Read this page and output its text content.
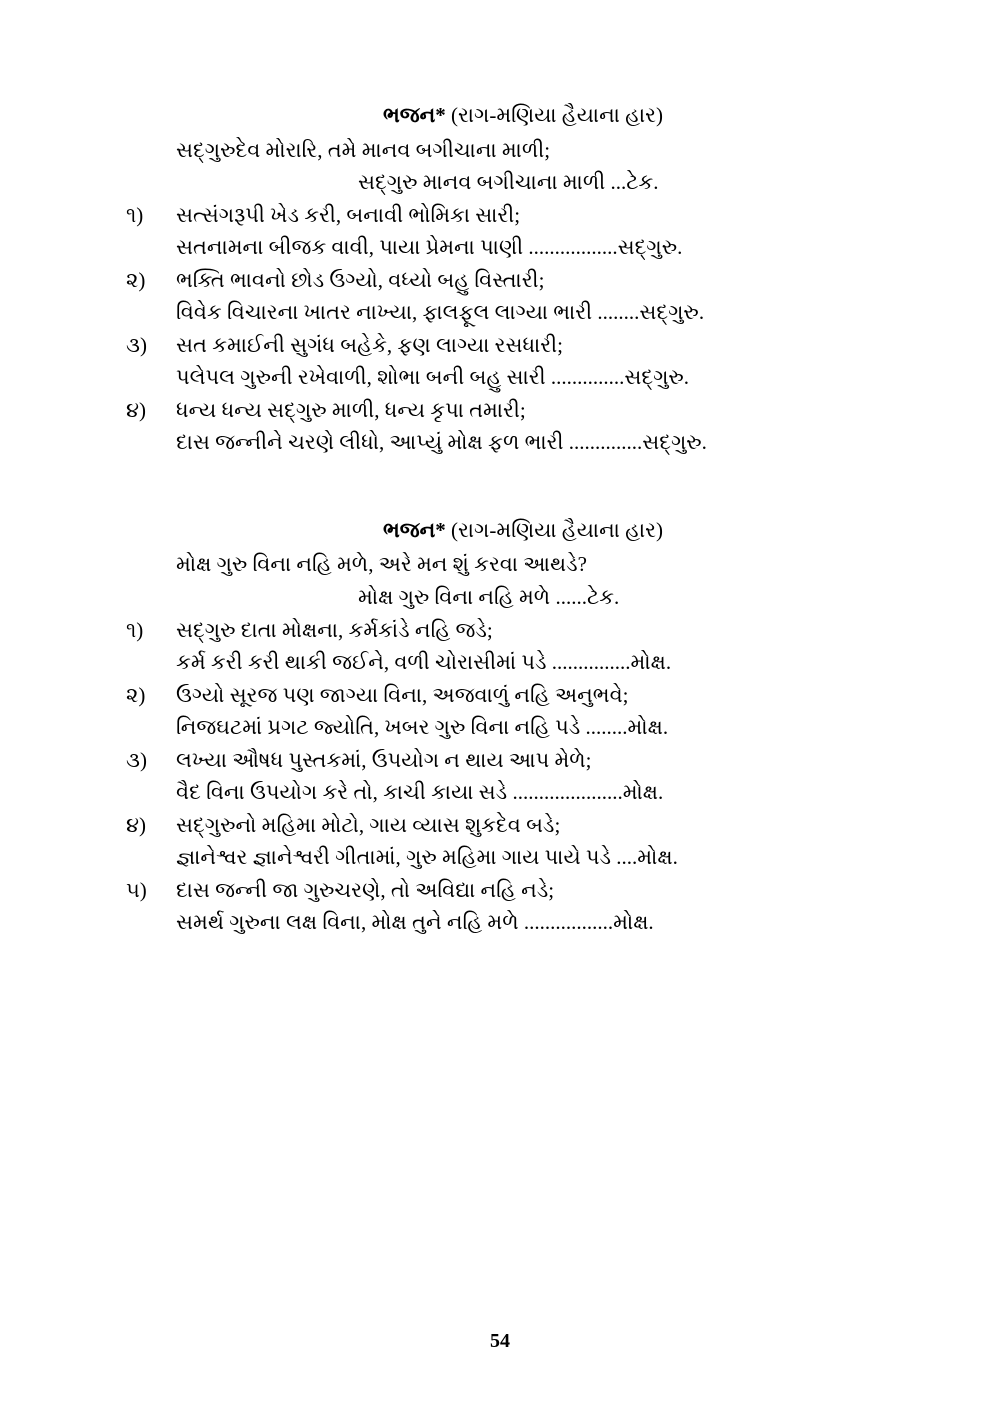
ભજન* (રાગ-મણિયા હૈયાના હાર)

સદ્‌ગુરુદેવ મોરારિ, તમે માનવ બગીચાના માળી;

સદ્‌ગુરુ માનવ બગીચાના માળી ...ટેક.

૧)	સત્સંગરૂપી ખેડ કરી, બનાવી ભોમિકા સારી;
સતનામના બીજક વાવી, પાયા પ્રેમના પાણી .................સદ્‌ગુરુ.
૨)	ભક્તિ ભાવનો છોડ ઉગ્યો, વધ્યો બહુ વિસ્તારી;
વિવેક વિચારના ખાતર નાખ્યા, ફાલફૂલ લાગ્યા ભારી ........સદ્‌ગુરુ.
૩)	સત કમાઈની સુગંધ બહેકે, ફણ લાગ્યા રસધારી;
પલેપલ ગુરુની રખેવાળી, શોભા બની બહુ સારી ..............સદ્‌ગુરુ.
૪)	ધન્ય ધન્ય સદ્‌ગુરુ માળી, ધન્ય કૃપા તમારી;
દાસ જન્નીને ચરણે લીધો, આપ્યું મોક્ષ ફળ ભારી ..............સદ્‌ગુરુ.

ભજન* (રાગ-મણિયા હૈયાના હાર)

મોક્ષ ગુરુ વિના નહિ મળે, અરે મન શું કરવા આથડે?

મોક્ષ ગુરુ વિના નહિ મળે ......ટેક.

૧)	સદ્‌ગુરુ દાતા મોક્ષના, કર્મકાંડે નહિ જડે;
કર્મ કરી કરી થાકી જઈને, વળી ચોરાસીમાં પડે ...............મોક્ષ.
૨)	ઉગ્યો સૂરજ પણ જાગ્યા વિના, અજવાળું નહિ અનુભવે;
નિજઘટમાં પ્રગટ જ્યોતિ, ખબર ગુરુ વિના નહિ પડે ........મોક્ષ.
૩)	લખ્યા ઔષધ પુસ્તકમાં, ઉપયોગ ન થાય આપ મેળે;
વૈદ વિના ઉપયોગ કરે તો, કાચી કાયા સડે .....................મોક્ષ.
૪)	સદ્‌ગુરુનો મહિમા મોટો, ગાય વ્યાસ શુકદેવ બડે;
જ્ઞાનેશ્વર જ્ઞાનેશ્વરી ગીતામાં, ગુરુ મહિમા ગાય પાયે પડે ....મોક્ષ.
૫)	દાસ જન્ની જા ગુરુચરણે, તો અવિદ્યા નહિ નડે;
સમર્થ ગુરુના લક્ષ વિના, મોક્ષ તુને નહિ મળે .................મોક્ષ.
54
